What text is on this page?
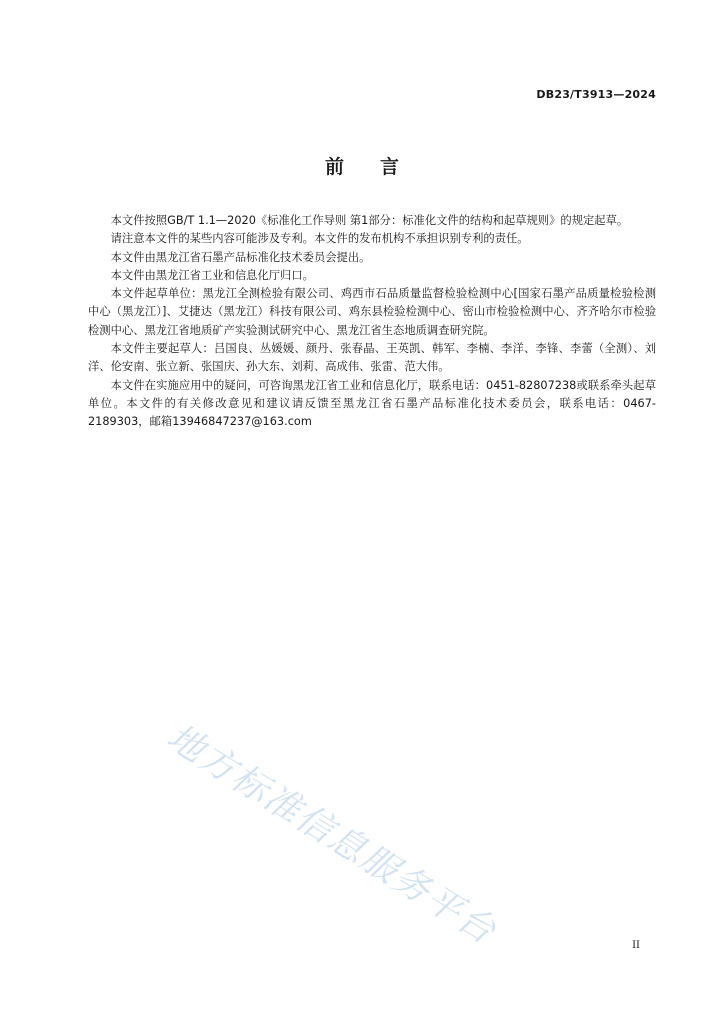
DB23/T3913—2024
前言

本文件按照GB/T 1.1—2020《标准化工作导则 第1部分：标准化文件的结构和起草规则》的规定起草。

请注意本文件的某些内容可能涉及专利。本文件的发布机构不承担识别专利的责任。

本文件由黑龙江省石墨产品标准化技术委员会提出。

本文件由黑龙江省工业和信息化厅归口。

本文件起草单位：黑龙江全测检验有限公司、鸡西市石品质量监督检验检测中心[国家石墨产品质量检验检测中心（黑龙江）]、艾捷达（黑龙江）科技有限公司、鸡东县检验检测中心、密山市检验检测中心、齐齐哈尔市检验检测中心、黑龙江省地质矿产实验测试研究中心、黑龙江省生态地质调查研究院。

本文件主要起草人：吕国良、丛媛媛、颜丹、张春晶、王英凯、韩军、李楠、李洋、李锋、李蕾（全测）、刘洋、伦安南、张立新、张国庆、孙大东、刘莉、高成伟、张雷、范大伟。

本文件在实施应用中的疑问，可咨询黑龙江省工业和信息化厅，联系电话：0451-82807238或联系牵头起草单位。本文件的有关修改意见和建议请反馈至黑龙江省石墨产品标准化技术委员会，联系电话：0467-2189303，邮箱13946847237@163.com

地方标准信息服务平台	II
